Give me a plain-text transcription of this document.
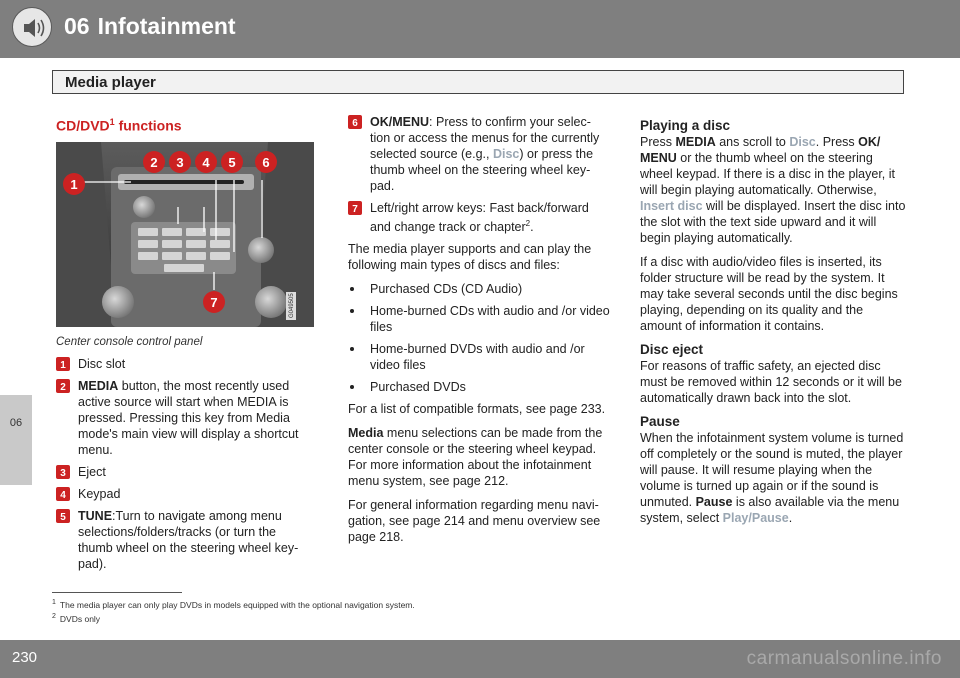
06 Infotainment
06
Media player
CD/DVD$^1$ functions
1
2 3 4 5 6
7	G049505
Center console control panel
1 Disc slot
2 MEDIA button, the most recently used active source will start when MEDIA is pressed. Pressing this key from Media mode's main view will display a shortcut menu.
3 Eject
4 Keypad
5 TUNE:Turn to navigate among menu selections/folders/tracks (or turn the thumb wheel on the steering wheel key-pad).
6 OK/MENU: Press to confirm your selec-tion or access the menus for the currently selected source (e.g., Disc) or press the thumb wheel on the steering wheel key-pad.
7 Left/right arrow keys: Fast back/forward and change track or chapter$^2$.

The media player supports and can play the following main types of discs and files:

Purchased CDs (CD Audio)
Home-burned CDs with audio and /or video files
Home-burned DVDs with audio and /or video files
Purchased DVDs

For a list of compatible formats, see page 233.

Media menu selections can be made from the center console or the steering wheel keypad. For more information about the infotainment menu system, see page 212.

For general information regarding menu navi-gation, see page 214 and menu overview see page 218.

Playing a disc

Press MEDIA ans scroll to Disc. Press OK/ MENU or the thumb wheel on the steering wheel keypad. If there is a disc in the player, it will begin playing automatically. Otherwise, Insert disc will be displayed. Insert the disc into the slot with the text side upward and it will begin playing automatically.

If a disc with audio/video files is inserted, its folder structure will be read by the system. It may take several seconds until the disc begins playing, depending on its quality and the amount of information it contains.

Disc eject

For reasons of traffic safety, an ejected disc must be removed within 12 seconds or it will be automatically drawn back into the slot.

Pause

When the infotainment system volume is turned off completely or the sound is muted, the player will pause. It will resume playing when the volume is turned up again or if the sound is unmuted. Pause is also available via the menu system, select Play/Pause.

$^1$ The media player can only play DVDs in models equipped with the optional navigation system.
$^2$ DVDs only
230	carmanualsonline.info
